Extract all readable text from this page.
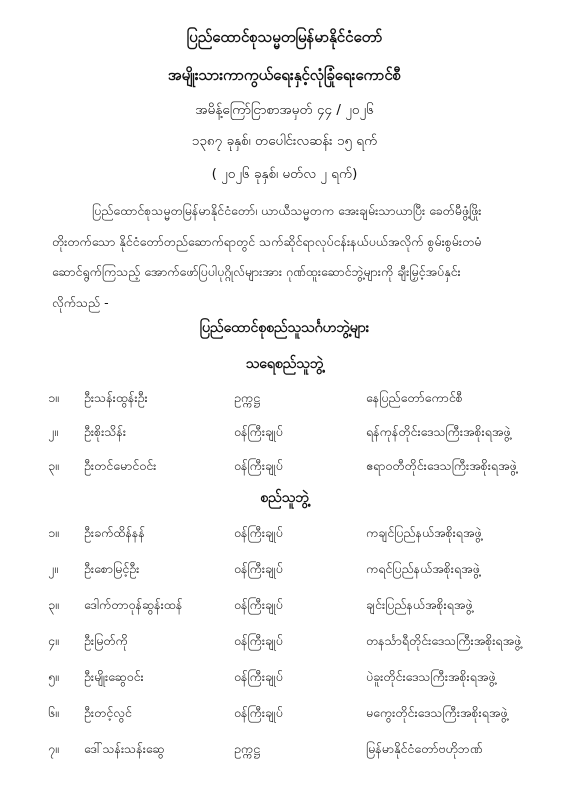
ပြည်ထောင်စုသမ္မတမြန်မာနိုင်ငံတော်
အမျိုးသားကာကွယ်ရေးနှင့်လုံခြုံရေးကောင်စီ
အမိန့်ကြော်ငြာစာအမှတ် ၄၄ / ၂၀၂၆
၁၃၈၇ ခုနှစ်၊ တပေါင်းလဆန်း ၁၅ ရက်
( ၂၀၂၆ ခုနှစ်၊ မတ်လ ၂ ရက်)
ပြည်ထောင်စုသမ္မတမြန်မာနိုင်ငံတော်၊ ယာယီသမ္မတက အေးချမ်းသာယာပြီး ခေတ်မီဖွံ့ဖြိုး
တိုးတက်သော နိုင်ငံတော်တည်ဆောက်ရာတွင် သက်ဆိုင်ရာလုပ်ငန်းနယ်ပယ်အလိုက် စွမ်းစွမ်းတမံ
ဆောင်ရွက်ကြသည့် အောက်ဖော်ပြပါပုဂ္ဂိုလ်များအား ဂုဏ်ထူးဆောင်ဘွဲ့များကို ချီးမြှင့်အပ်နှင်း
လိုက်သည် -
ပြည်ထောင်စုစည်သူသင်္ဂဟဘွဲ့များ
သရေစည်သူဘွဲ့
၁။ ဦးသန်းထွန်းဦး	ဥက္ကဋ္ဌ	နေပြည်တော်ကောင်စီ
၂။ ဦးစိုးသိန်း	ဝန်ကြီးချုပ်	ရန်ကုန်တိုင်းဒေသကြီးအစိုးရအဖွဲ့
၃။ ဦးတင်မောင်ဝင်း	ဝန်ကြီးချုပ်	ဧရာဝတီတိုင်းဒေသကြီးအစိုးရအဖွဲ့
စည်သူဘွဲ့
၁။ ဦးခက်ထိန်နန်	ဝန်ကြီးချုပ်	ကချင်ပြည်နယ်အစိုးရအဖွဲ့
၂။ ဦးစောမြင့်ဦး	ဝန်ကြီးချုပ်	ကရင်ပြည်နယ်အစိုးရအဖွဲ့
၃။ ဒေါက်တာဝုန်ဆွန်းထန်	ဝန်ကြီးချုပ်	ချင်းပြည်နယ်အစိုးရအဖွဲ့
၄။ ဦးမြတ်ကို	ဝန်ကြီးချုပ်	တနင်္သာရီတိုင်းဒေသကြီးအစိုးရအဖွဲ့
၅။ ဦးမျိုးဆွေဝင်း	ဝန်ကြီးချုပ်	ပဲခူးတိုင်းဒေသကြီးအစိုးရအဖွဲ့
၆။ ဦးတင့်လွင်	ဝန်ကြီးချုပ်	မကွေးတိုင်းဒေသကြီးအစိုးရအဖွဲ့
၇။ ဒေါ်သန်းသန်းဆွေ	ဥက္ကဋ္ဌ	မြန်မာနိုင်ငံတော်ဗဟိုဘဏ်
